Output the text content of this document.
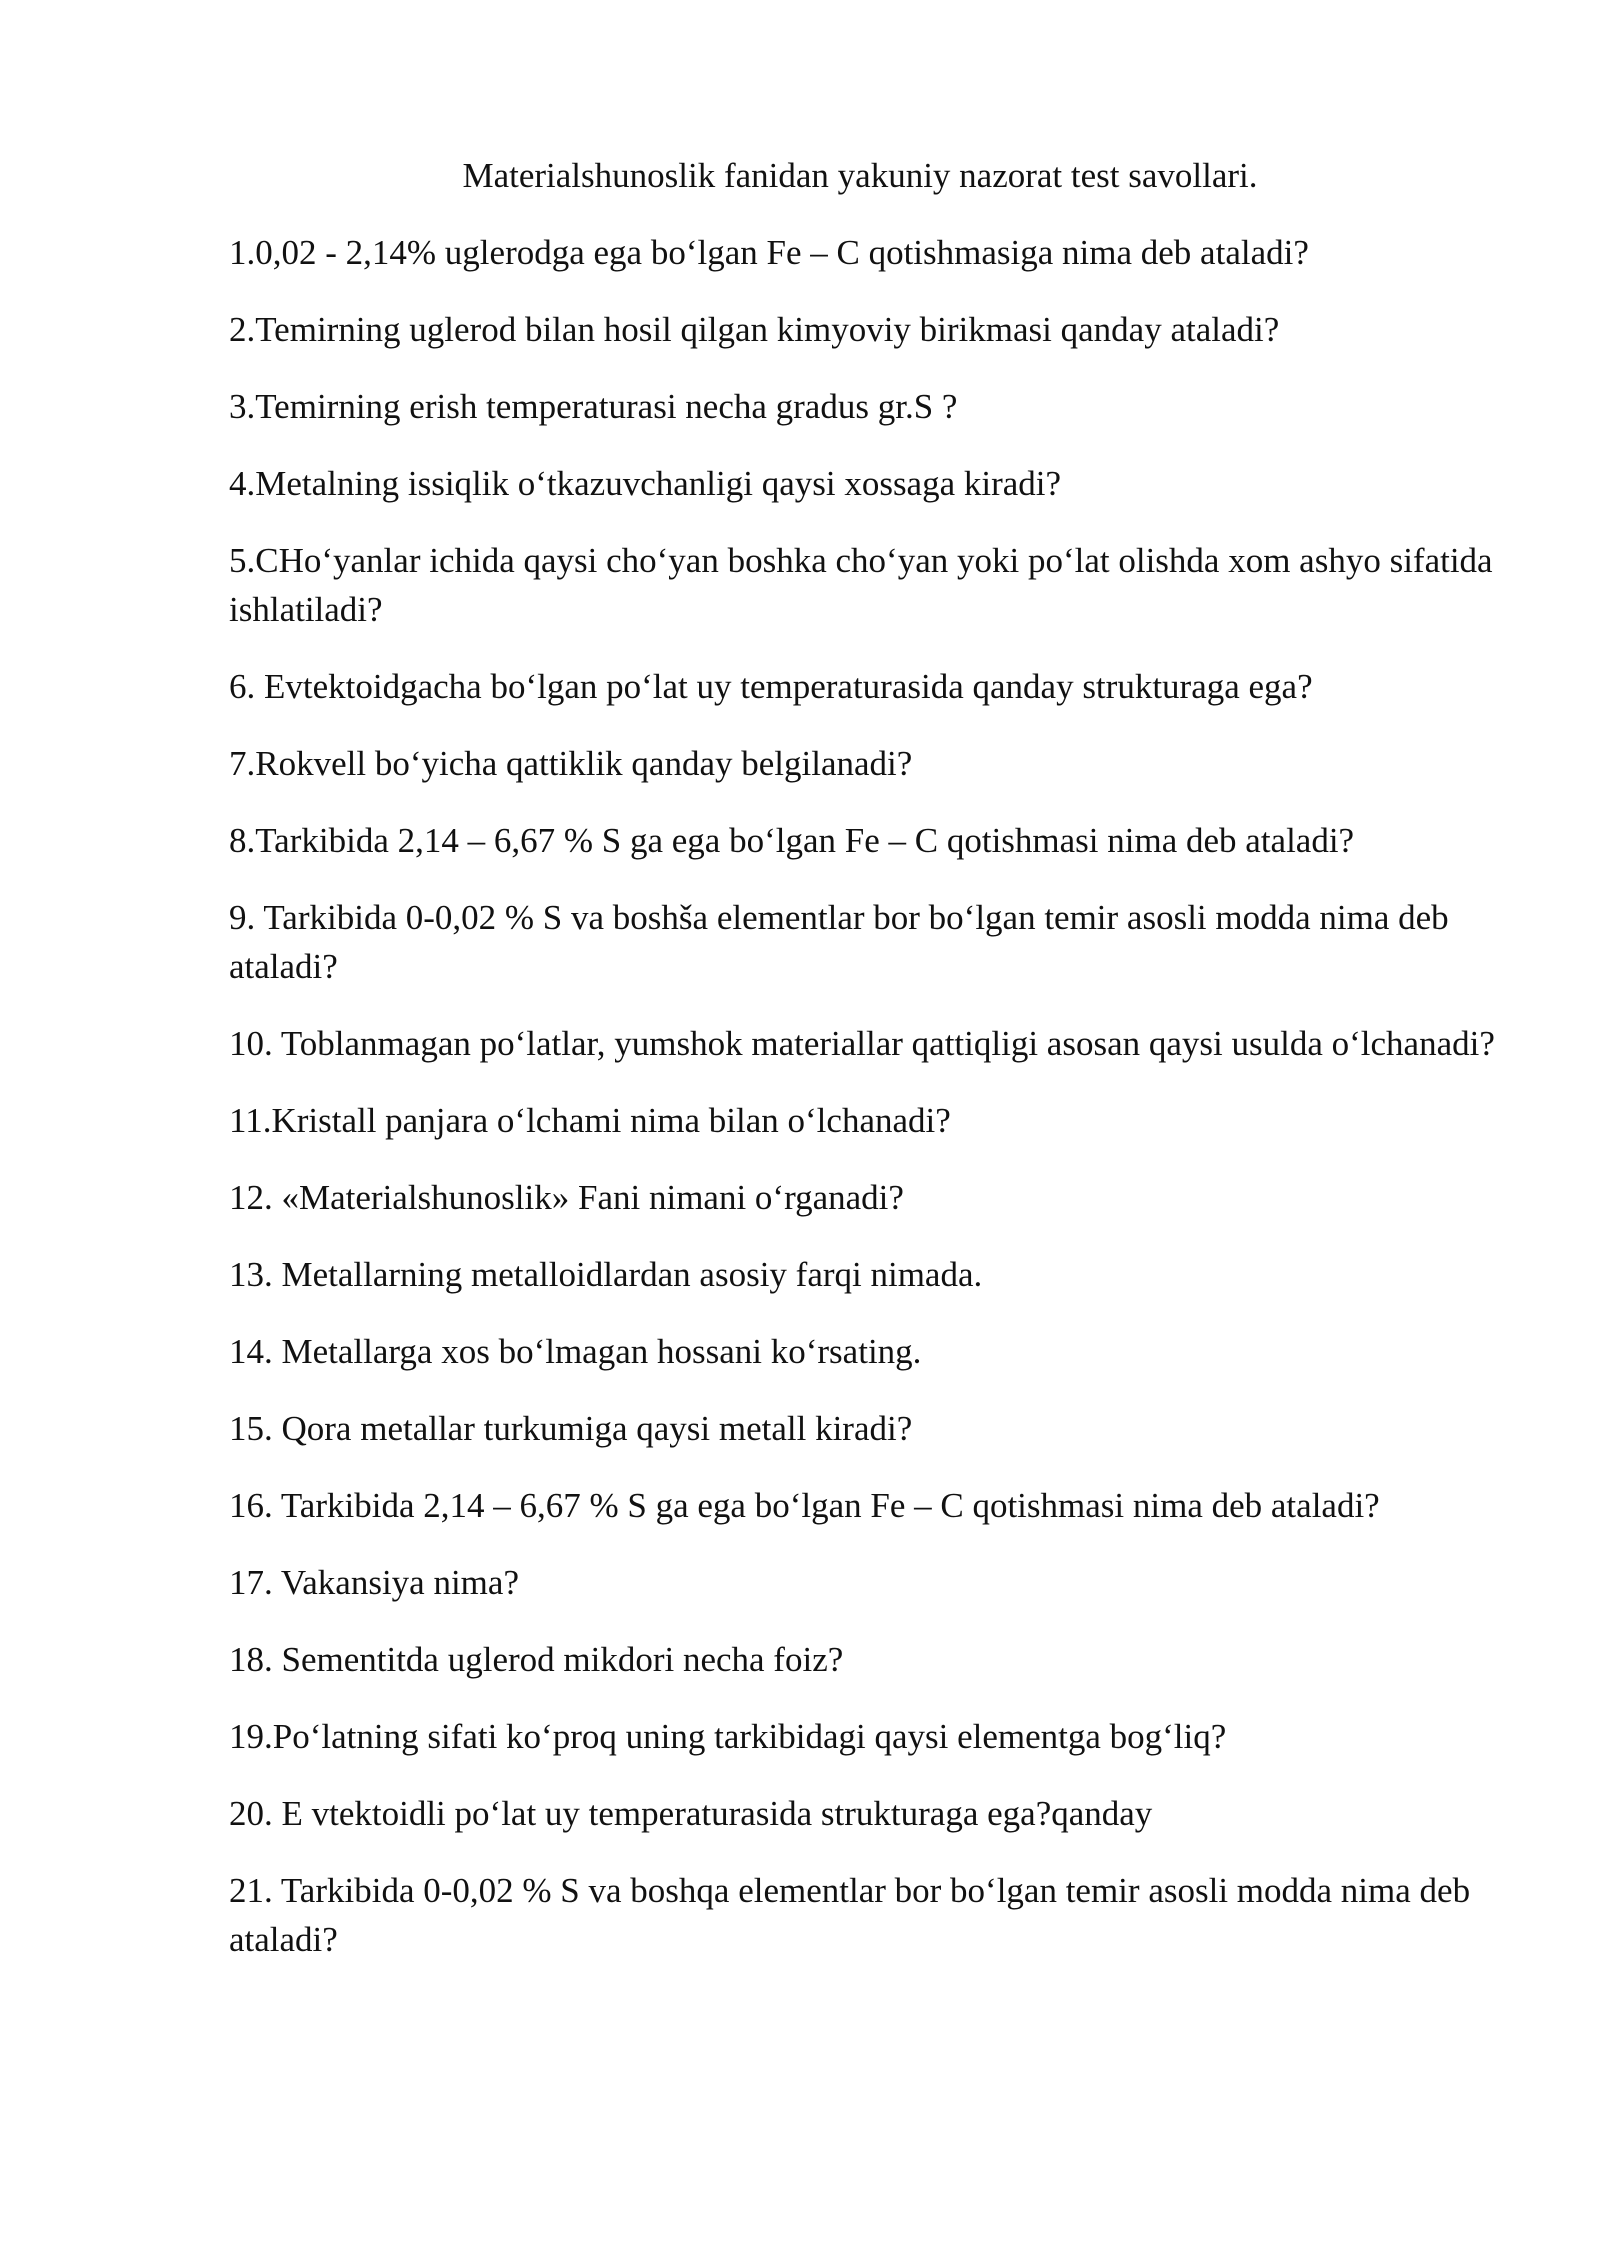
Materialshunoslik fanidan yakuniy nazorat test savollari.
1.0,02 - 2,14% uglerodga ega bo‘lgan Fe – C qotishmasiga nima deb ataladi?
2.Temirning uglerod bilan hosil qilgan kimyoviy birikmasi qanday ataladi?
3.Temirning erish temperaturasi necha gradus gr.S ?
4.Metalning issiqlik o‘tkazuvchanligi qaysi xossaga kiradi?
5.CHo‘yanlar ichida qaysi cho‘yan boshka cho‘yan yoki po‘lat olishda xom ashyo sifatida ishlatiladi?
6. Evtektoidgacha bo‘lgan po‘lat uy temperaturasida qanday strukturaga ega?
7.Rokvell bo‘yicha qattiklik qanday belgilanadi?
8.Tarkibida 2,14 – 6,67 % S ga ega bo‘lgan Fe – C qotishmasi nima deb ataladi?
9. Tarkibida 0-0,02 % S va boshša elementlar bor bo‘lgan temir asosli modda nima deb ataladi?
10. Toblanmagan po‘latlar, yumshok materiallar qattiqligi asosan qaysi usulda o‘lchanadi?
11.Kristall panjara o‘lchami nima bilan o‘lchanadi?
12. «Materialshunoslik» Fani nimani o‘rganadi?
13. Metallarning metalloidlardan asosiy farqi nimada.
14. Metallarga xos bo‘lmagan hossani ko‘rsating.
15. Qora metallar turkumiga qaysi metall kiradi?
16. Tarkibida 2,14 – 6,67 % S ga ega bo‘lgan Fe – C qotishmasi nima deb ataladi?
17. Vakansiya nima?
18. Sementitda uglerod mikdori necha foiz?
19.Po‘latning sifati ko‘proq uning tarkibidagi qaysi elementga bog‘liq?
20. E vtektoidli po‘lat uy temperaturasida strukturaga ega?qanday
21. Tarkibida 0-0,02 % S va boshqa elementlar bor bo‘lgan temir asosli modda nima deb ataladi?
